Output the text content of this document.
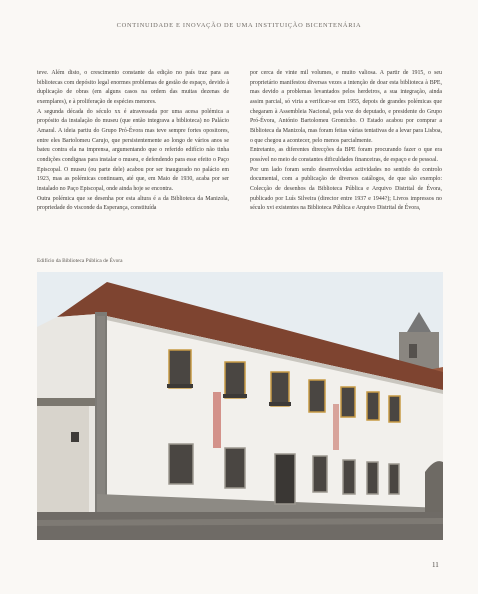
CONTINUIDADE E INOVAÇÃO DE UMA INSTITUIÇÃO BICENTENÁRIA

teve. Além disto, o crescimento constante da edição no país traz para as bibliotecas com depósito legal enormes problemas de gestão de espaço, devido à duplicação de obras (em alguns casos na ordem das muitas dezenas de exemplares), e à proliferação de espécies menores.

A segunda década do século xx é atravessada por uma acesa polémica a propósito da instalação do museu (que então integrava a biblioteca) no Palácio Amaral. A ideia partiu do Grupo Pró-Évora mas teve sempre fortes opositores, entre eles Bartolomeu Carujo, que persistentemente ao longo de vários anos se bateu contra ela na imprensa, argumentando que o referido edifício não tinha condições condignas para instalar o museu, e defendendo para esse efeito o Paço Episcopal. O museu (ou parte dele) acabou por ser inaugurado no palácio em 1923, mas as polémicas continuam, até que, em Maio de 1930, acaba por ser instalado no Paço Episcopal, onde ainda hoje se encontra.

Outra polémica que se desenha por esta altura é a da Biblioteca da Manizola, propriedade do visconde da Esperança, constituída

por cerca de vinte mil volumes, e muito valiosa. A partir de 1915, o seu proprietário manifestou diversas vezes a intenção de doar esta biblioteca à BPE, mas devido a problemas levantados pelos herdeiros, a sua integração, ainda assim parcial, só viria a verificar-se em 1955, depois de grandes polémicas que chegaram à Assembleia Nacional, pela voz do deputado, e presidente do Grupo Pró-Évora, António Bartolomeu Gromicho. O Estado acabou por comprar a Biblioteca da Manizola, mas foram feitas várias tentativas de a levar para Lisboa, o que chegou a acontecer, pelo menos parcialmente.

Entretanto, as diferentes direcções da BPE foram procurando fazer o que era possível no meio de constantes dificuldades financeiras, de espaço e de pessoal.

Por um lado foram sendo desenvolvidas actividades no sentido do controlo documental, com a publicação de diversos catálogos, de que são exemplo: Colecção de desenhos da Biblioteca Pública e Arquivo Distrital de Évora, publicado por Luís Silveira (director entre 1937 e 1944?); Livros impressos no século xvi existentes na Biblioteca Pública e Arquivo Distrital de Évora,

Edifício da Biblioteca Pública de Évora
11
